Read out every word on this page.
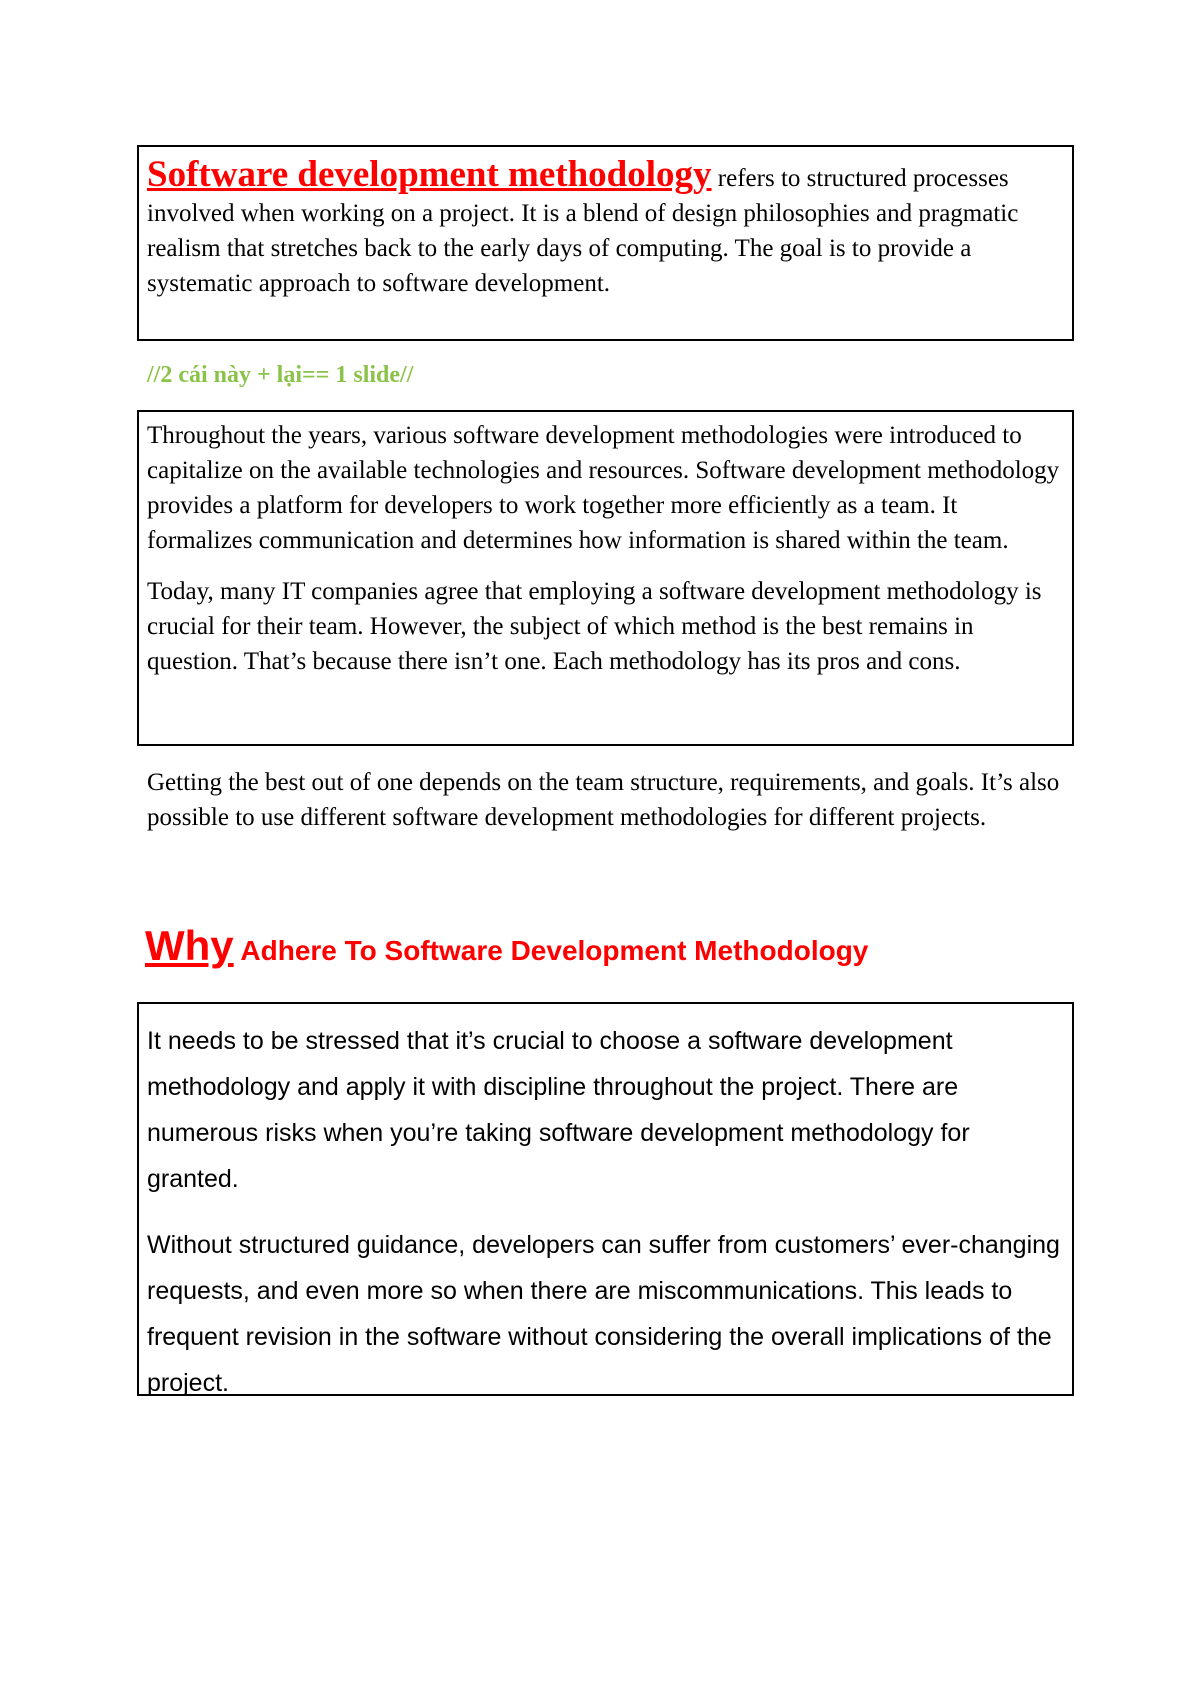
Software development methodology refers to structured processes involved when working on a project. It is a blend of design philosophies and pragmatic realism that stretches back to the early days of computing. The goal is to provide a systematic approach to software development.

//2 cái này + lại== 1 slide//

Throughout the years, various software development methodologies were introduced to capitalize on the available technologies and resources. Software development methodology provides a platform for developers to work together more efficiently as a team. It formalizes communication and determines how information is shared within the team.

Today, many IT companies agree that employing a software development methodology is crucial for their team. However, the subject of which method is the best remains in question. That’s because there isn’t one. Each methodology has its pros and cons.

Getting the best out of one depends on the team structure, requirements, and goals. It’s also possible to use different software development methodologies for different projects.

Why Adhere To Software Development Methodology

It needs to be stressed that it’s crucial to choose a software development methodology and apply it with discipline throughout the project. There are numerous risks when you’re taking software development methodology for granted.

Without structured guidance, developers can suffer from customers’ ever-changing requests, and even more so when there are miscommunications. This leads to frequent revision in the software without considering the overall implications of the project.
